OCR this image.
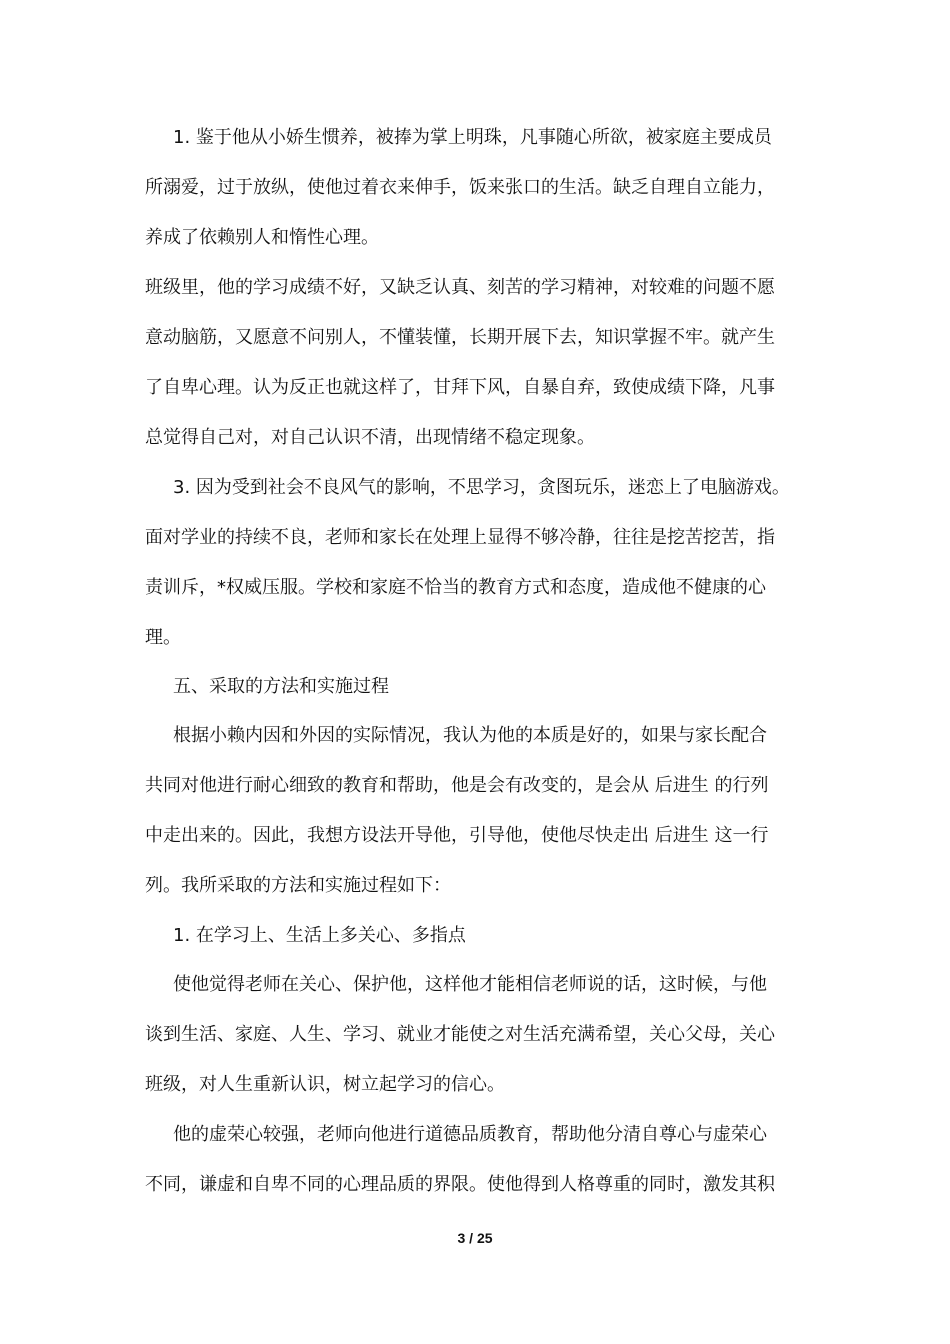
1. 鉴于他从小娇生惯养，被捧为掌上明珠，凡事随心所欲，被家庭主要成员
所溺爱，过于放纵，使他过着衣来伸手，饭来张口的生活。缺乏自理自立能力，
养成了依赖别人和惰性心理。
班级里，他的学习成绩不好，又缺乏认真、刻苦的学习精神，对较难的问题不愿
意动脑筋，又愿意不问别人，不懂装懂，长期开展下去，知识掌握不牢。就产生
了自卑心理。认为反正也就这样了，甘拜下风，自暴自弃，致使成绩下降，凡事
总觉得自己对，对自己认识不清，出现情绪不稳定现象。
3. 因为受到社会不良风气的影响，不思学习，贪图玩乐，迷恋上了电脑游戏。
面对学业的持续不良，老师和家长在处理上显得不够冷静，往往是挖苦挖苦，指
责训斥，*权威压服。学校和家庭不恰当的教育方式和态度，造成他不健康的心
理。
五、采取的方法和实施过程
根据小赖内因和外因的实际情况，我认为他的本质是好的，如果与家长配合
共同对他进行耐心细致的教育和帮助，他是会有改变的，是会从 后进生 的行列
中走出来的。因此，我想方设法开导他，引导他，使他尽快走出 后进生 这一行
列。我所采取的方法和实施过程如下：
1. 在学习上、生活上多关心、多指点
使他觉得老师在关心、保护他，这样他才能相信老师说的话，这时候，与他
谈到生活、家庭、人生、学习、就业才能使之对生活充满希望，关心父母，关心
班级，对人生重新认识，树立起学习的信心。
他的虚荣心较强，老师向他进行道德品质教育，帮助他分清自尊心与虚荣心
不同，谦虚和自卑不同的心理品质的界限。使他得到人格尊重的同时，激发其积
3 / 25
